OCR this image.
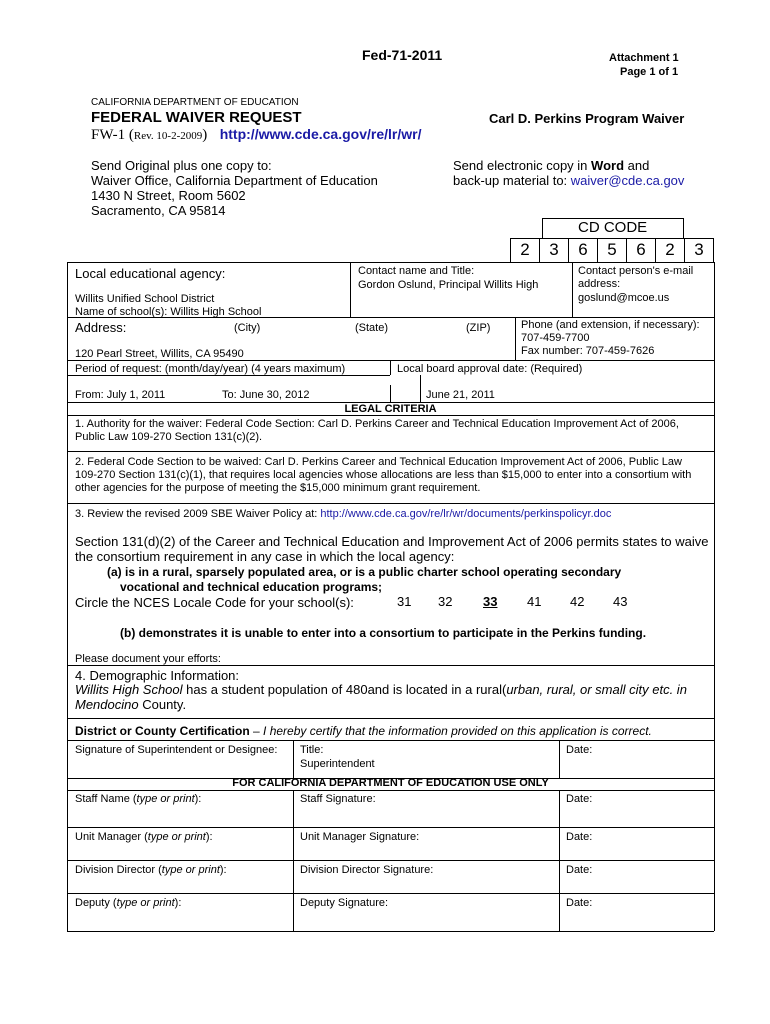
Fed-71-2011	Attachment 1
Page 1 of 1
CALIFORNIA DEPARTMENT OF EDUCATION
FEDERAL WAIVER REQUEST	Carl D. Perkins Program Waiver
FW-1 (Rev. 10-2-2009) http://www.cde.ca.gov/re/lr/wr/
Send Original plus one copy to:
Waiver Office, California Department of Education
1430 N Street, Room 5602
Sacramento, CA 95814
Send electronic copy in Word and
back-up material to: waiver@cde.ca.gov
CD CODE
2	3	6	5	6	2	3
Local educational agency:
Willits Unified School District
Name of school(s): Willits High School
Contact name and Title:
Gordon Oslund, Principal Willits High
Contact person's e-mail
address:
goslund@mcoe.us
Address:	(City)	(State)	(ZIP)
120 Pearl Street, Willits, CA 95490
Phone (and extension, if necessary):
707-459-7700
Fax number: 707-459-7626
Period of request: (month/day/year) (4 years maximum)	Local board approval date: (Required)
From: July 1, 2011	To: June 30, 2012	June 21, 2011
LEGAL CRITERIA
1. Authority for the waiver: Federal Code Section: Carl D. Perkins Career and Technical Education Improvement Act of 2006, Public Law 109-270 Section 131(c)(2).
2. Federal Code Section to be waived: Carl D. Perkins Career and Technical Education Improvement Act of 2006, Public Law 109-270 Section 131(c)(1), that requires local agencies whose allocations are less than $15,000 to enter into a consortium with other agencies for the purpose of meeting the $15,000 minimum grant requirement.
3. Review the revised 2009 SBE Waiver Policy at: http://www.cde.ca.gov/re/lr/wr/documents/perkinspolicyr.doc
Section 131(d)(2) of the Career and Technical Education and Improvement Act of 2006 permits states to waive
the consortium requirement in any case in which the local agency:
(a) is in a rural, sparsely populated area, or is a public charter school operating secondary
vocational and technical education programs;
Circle the NCES Locale Code for your school(s):	31 32 33 41 42 43
(b) demonstrates it is unable to enter into a consortium to participate in the Perkins funding.
Please document your efforts:
4. Demographic Information:
Willits High School has a student population of 480and is located in a rural(urban, rural, or small city etc. in
Mendocino County.
District or County Certification – I hereby certify that the information provided on this application is correct.
Signature of Superintendent or Designee: Title:
Superintendent
Date:
FOR CALIFORNIA DEPARTMENT OF EDUCATION USE ONLY
Staff Name (type or print):	Staff Signature:	Date:
Unit Manager (type or print):	Unit Manager Signature:	Date:
Division Director (type or print):	Division Director Signature:	Date:
Deputy (type or print):	Deputy Signature:	Date:
